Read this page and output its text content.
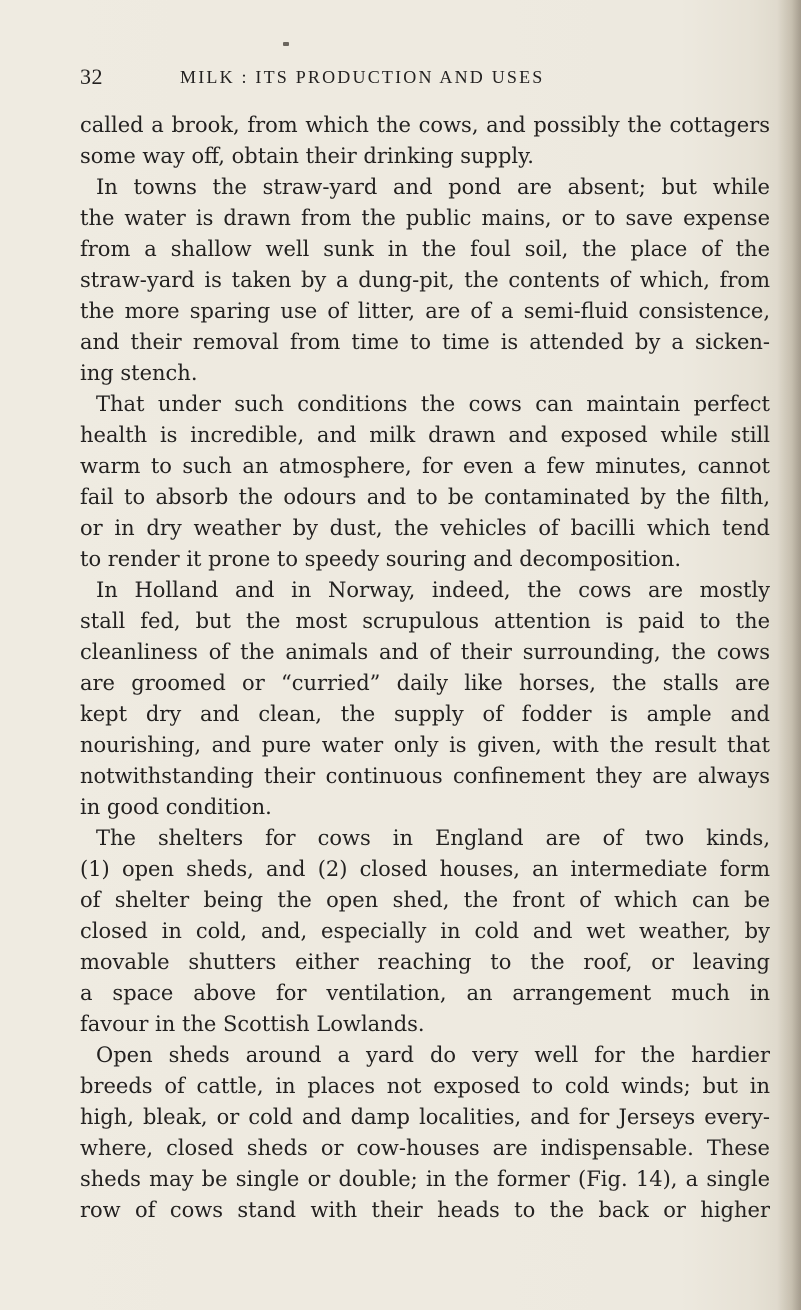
32	MILK : ITS PRODUCTION AND USES
called a brook, from which the cows, and possibly the cottagers
some way off, obtain their drinking supply.
In towns the straw-yard and pond are absent; but while
the water is drawn from the public mains, or to save expense
from a shallow well sunk in the foul soil, the place of the
straw-yard is taken by a dung-pit, the contents of which, from
the more sparing use of litter, are of a semi-fluid consistence,
and their removal from time to time is attended by a sicken-
ing stench.
That under such conditions the cows can maintain perfect
health is incredible, and milk drawn and exposed while still
warm to such an atmosphere, for even a few minutes, cannot
fail to absorb the odours and to be contaminated by the filth,
or in dry weather by dust, the vehicles of bacilli which tend
to render it prone to speedy souring and decomposition.
In Holland and in Norway, indeed, the cows are mostly
stall fed, but the most scrupulous attention is paid to the
cleanliness of the animals and of their surrounding, the cows
are groomed or “curried” daily like horses, the stalls are
kept dry and clean, the supply of fodder is ample and
nourishing, and pure water only is given, with the result that
notwithstanding their continuous confinement they are always
in good condition.
The shelters for cows in England are of two kinds,
(1) open sheds, and (2) closed houses, an intermediate form
of shelter being the open shed, the front of which can be
closed in cold, and, especially in cold and wet weather, by
movable shutters either reaching to the roof, or leaving
a space above for ventilation, an arrangement much in
favour in the Scottish Lowlands.
Open sheds around a yard do very well for the hardier
breeds of cattle, in places not exposed to cold winds; but in
high, bleak, or cold and damp localities, and for Jerseys every-
where, closed sheds or cow-houses are indispensable. These
sheds may be single or double; in the former (Fig. 14), a single
row of cows stand with their heads to the back or higher
